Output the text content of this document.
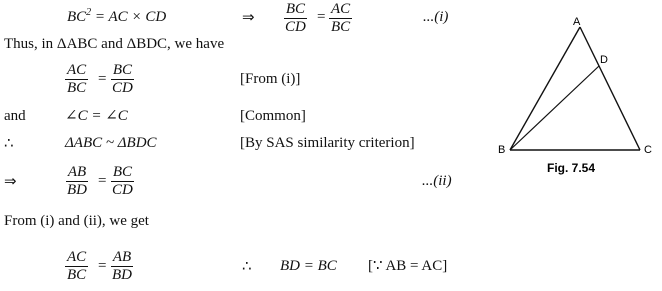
$BC^2$ = AC × CD	⇒ $\frac{BC}{CD} = \frac{AC}{BC}$	...(i)
Thus, in ΔABC and ΔBDC, we have
$\frac{AC}{BC} = \frac{BC}{CD}$	[From (i)]
and	∠C = ∠C	[Common]
∴	ΔABC ~ ΔBDC	[By SAS similarity criterion]
⇒	$\frac{AB}{BD} = \frac{BC}{CD}$	...(ii)
From (i) and (ii), we get
$\frac{AC}{BC} = \frac{AB}{BD}$	∴ BD = BC [∵ AB = AC]
A
D
B	C
Fig. 7.54
